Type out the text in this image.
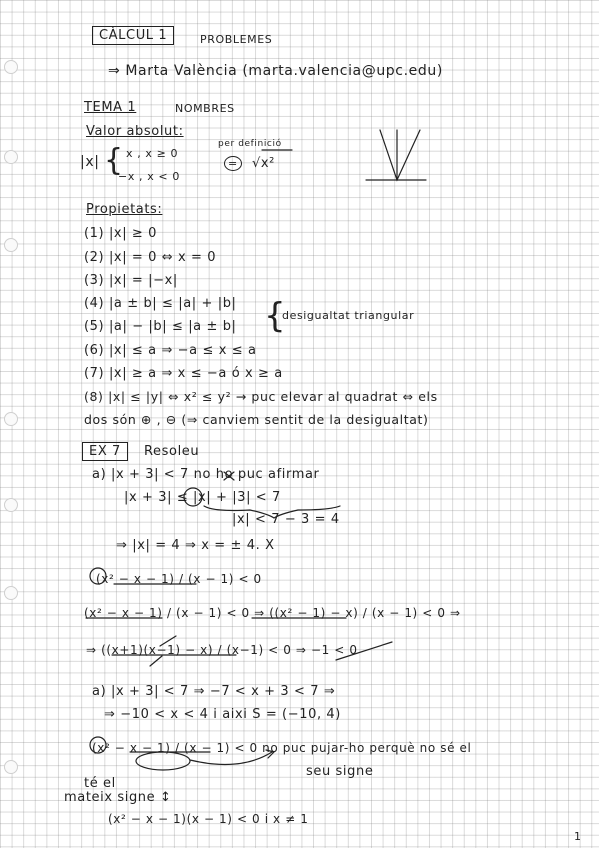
CÀLCUL 1	PROBLEMES
⇒ Marta València (marta.valencia@upc.edu)
TEMA 1	NOMBRES
Valor absolut:
|x| { x , x ≥ 0
−x , x < 0
per definició
=	√x²
Propietats:
(1) |x| ≥ 0
(2) |x| = 0 ⇔ x = 0
(3) |x| = |−x|
(4) |a ± b| ≤ |a| + |b|
(5) |a| − |b| ≤ |a ± b| {
desigualtat triangular
(6) |x| ≤ a ⇒ −a ≤ x ≤ a
(7) |x| ≥ a ⇒ x ≤ −a ó x ≥ a
(8) |x| ≤ |y| ⇔ x² ≤ y² → puc elevar al quadrat ⇔ els
dos són ⊕ , ⊖ (⇒ canviem sentit de la desigualtat)
EX 7	Resoleu
a) |x + 3| < 7 no ho puc afirmar
|x + 3| ≤ |x| + |3| < 7
|x| < 7 − 3 = 4
⇒ |x| = 4 ⇒ x = ± 4. X
(x² − x − 1) / (x − 1) < 0
(x² − x − 1) / (x − 1) < 0 ⇒ ((x² − 1) − x) / (x − 1) < 0 ⇒
⇒ ((x+1)(x−1) − x) / (x−1) < 0 ⇒ −1 < 0
a) |x + 3| < 7 ⇒ −7 < x + 3 < 7 ⇒
⇒ −10 < x < 4 i aixi S = (−10, 4)
(x² − x − 1) / (x − 1) < 0 no puc pujar-ho perquè no sé el
seu signe
té el
mateix signe ↕
(x² − x − 1)(x − 1) < 0 i x ≠ 1
1
